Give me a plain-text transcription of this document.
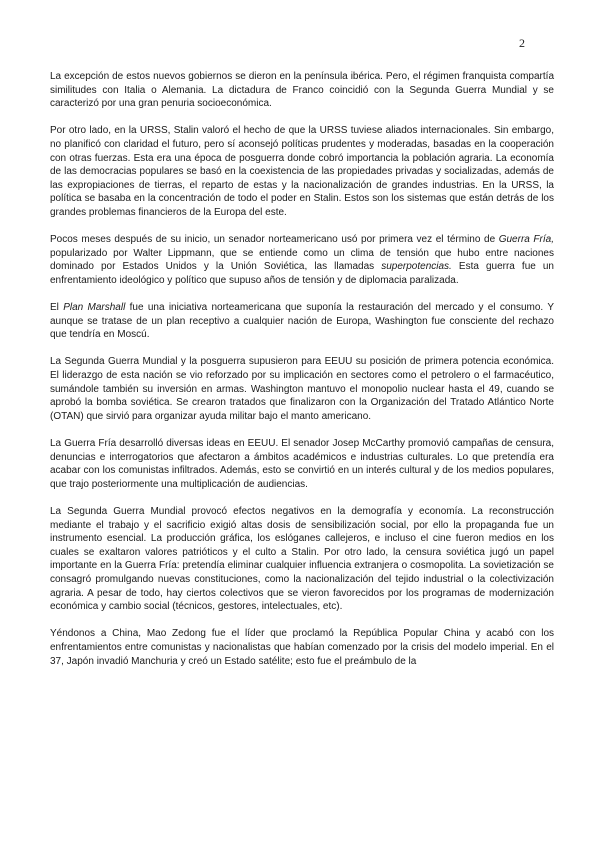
2

La excepción de estos nuevos gobiernos se dieron en la península ibérica. Pero, el régimen franquista compartía similitudes con Italia o Alemania. La dictadura de Franco coincidió con la Segunda Guerra Mundial y se caracterizó por una gran penuria socioeconómica.

Por otro lado, en la URSS, Stalin valoró el hecho de que la URSS tuviese aliados internacionales. Sin embargo, no planificó con claridad el futuro, pero sí aconsejó políticas prudentes y moderadas, basadas en la cooperación con otras fuerzas. Esta era una época de posguerra donde cobró importancia la población agraria. La economía de las democracias populares se basó en la coexistencia de las propiedades privadas y socializadas, además de las expropiaciones de tierras, el reparto de estas y la nacionalización de grandes industrias. En la URSS, la política se basaba en la concentración de todo el poder en Stalin. Estos son los sistemas que están detrás de los grandes problemas financieros de la Europa del este.

Pocos meses después de su inicio, un senador norteamericano usó por primera vez el término de Guerra Fría, popularizado por Walter Lippmann, que se entiende como un clima de tensión que hubo entre naciones dominado por Estados Unidos y la Unión Soviética, las llamadas superpotencias. Esta guerra fue un enfrentamiento ideológico y político que supuso años de tensión y de diplomacia paralizada.

El Plan Marshall fue una iniciativa norteamericana que suponía la restauración del mercado y el consumo. Y aunque se tratase de un plan receptivo a cualquier nación de Europa, Washington fue consciente del rechazo que tendría en Moscú.

La Segunda Guerra Mundial y la posguerra supusieron para EEUU su posición de primera potencia económica. El liderazgo de esta nación se vio reforzado por su implicación en sectores como el petrolero o el farmacéutico, sumándole también su inversión en armas. Washington mantuvo el monopolio nuclear hasta el 49, cuando se aprobó la bomba soviética. Se crearon tratados que finalizaron con la Organización del Tratado Atlántico Norte (OTAN) que sirvió para organizar ayuda militar bajo el manto americano.

La Guerra Fría desarrolló diversas ideas en EEUU. El senador Josep McCarthy promovió campañas de censura, denuncias e interrogatorios que afectaron a ámbitos académicos e industrias culturales. Lo que pretendía era acabar con los comunistas infiltrados. Además, esto se convirtió en un interés cultural y de los medios populares, que trajo posteriormente una multiplicación de audiencias.

La Segunda Guerra Mundial provocó efectos negativos en la demografía y economía. La reconstrucción mediante el trabajo y el sacrificio exigió altas dosis de sensibilización social, por ello la propaganda fue un instrumento esencial. La producción gráfica, los eslóganes callejeros, e incluso el cine fueron medios en los cuales se exaltaron valores patrióticos y el culto a Stalin. Por otro lado, la censura soviética jugó un papel importante en la Guerra Fría: pretendía eliminar cualquier influencia extranjera o cosmopolita. La sovietización se consagró promulgando nuevas constituciones, como la nacionalización del tejido industrial o la colectivización agraria. A pesar de todo, hay ciertos colectivos que se vieron favorecidos por los programas de modernización económica y cambio social (técnicos, gestores, intelectuales, etc).

Yéndonos a China, Mao Zedong fue el líder que proclamó la República Popular China y acabó con los enfrentamientos entre comunistas y nacionalistas que habían comenzado por la crisis del modelo imperial. En el 37, Japón invadió Manchuria y creó un Estado satélite; esto fue el preámbulo de la
